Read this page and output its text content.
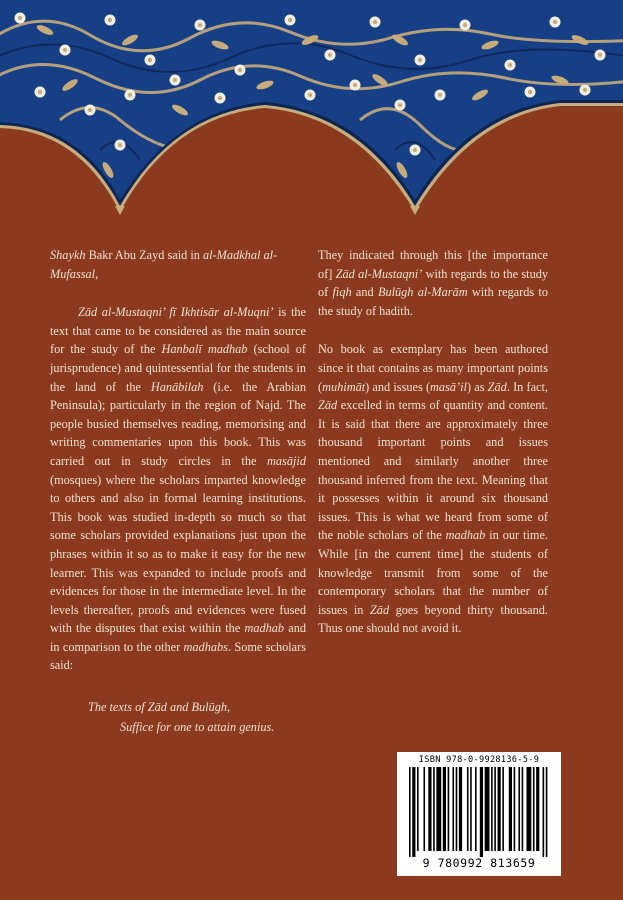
Shaykh Bakr Abu Zayd said in al-Madkhal al-Mufassal,

Zād al-Mustaqni’ fī Ikhtisār al-Muqni’ is the text that came to be considered as the main source for the study of the Hanbalī madhab (school of jurisprudence) and quintessential for the students in the land of the Hanābilah (i.e. the Arabian Peninsula); particularly in the region of Najd. The people busied themselves reading, memorising and writing commentaries upon this book. This was carried out in study circles in the masājid (mosques) where the scholars imparted knowledge to others and also in formal learning institutions. This book was studied in-depth so much so that some scholars provided explanations just upon the phrases within it so as to make it easy for the new learner. This was expanded to include proofs and evidences for those in the intermediate level. In the levels thereafter, proofs and evidences were fused with the disputes that exist within the madhab and in comparison to the other madhabs. Some scholars said:

The texts of Zād and Bulūgh,
Suffice for one to attain genius.

They indicated through this [the importance of] Zād al-Mustaqni’ with regards to the study of fiqh and Bulūgh al-Marām with regards to the study of hadith.

No book as exemplary has been authored since it that contains as many important points (muhimāt) and issues (masā’il) as Zād. In fact, Zād excelled in terms of quantity and content. It is said that there are approximately three thousand important points and issues mentioned and similarly another three thousand inferred from the text. Meaning that it possesses within it around six thousand issues. This is what we heard from some of the noble scholars of the madhab in our time. While [in the current time] the students of knowledge transmit from some of the contemporary scholars that the number of issues in Zād goes beyond thirty thousand. Thus one should not avoid it.

ISBN 978-0-9928136-5-9
9 780992 813659
